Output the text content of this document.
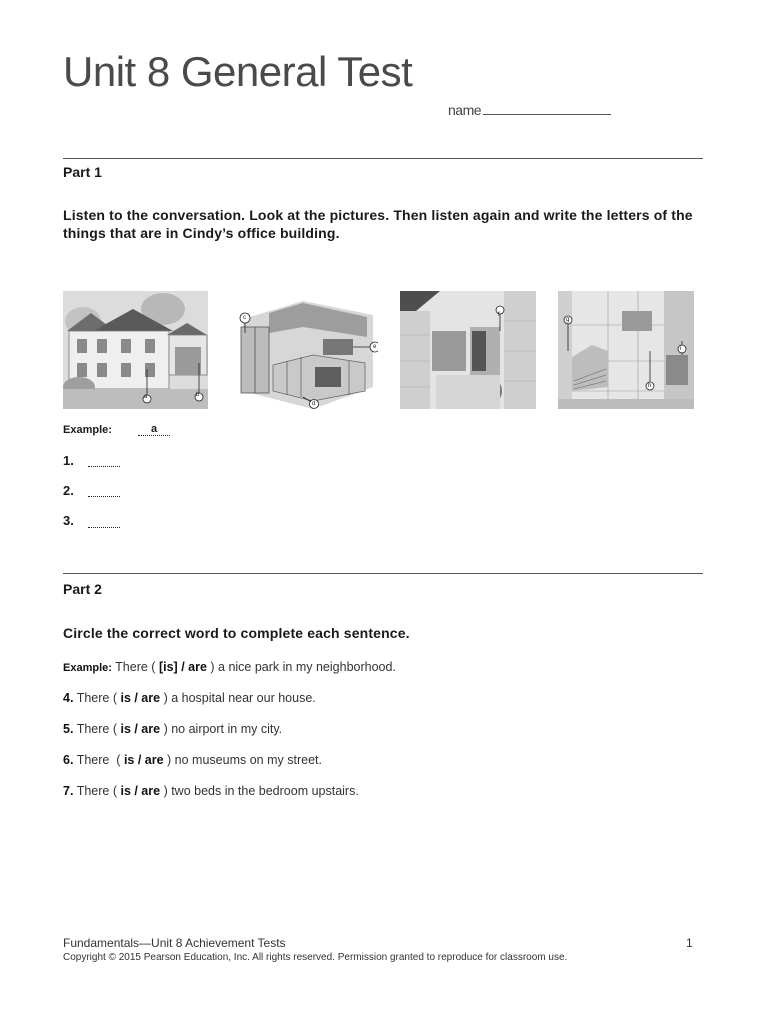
Unit 8 General Test
name
Part 1
Listen to the conversation. Look at the pictures. Then listen again and write the letters of the things that are in Cindy’s office building.
a	b
c
d
e
f
g
h
i
Example:	a
1.
2.
3.
Part 2
Circle the correct word to complete each sentence.
Example: There ( [is] / are ) a nice park in my neighborhood.
4. There ( is / are ) a hospital near our house.
5. There ( is / are ) no airport in my city.
6. There  ( is / are ) no museums on my street.
7. There ( is / are ) two beds in the bedroom upstairs.
Fundamentals—Unit 8 Achievement Tests	1
Copyright © 2015 Pearson Education, Inc. All rights reserved. Permission granted to reproduce for classroom use.
